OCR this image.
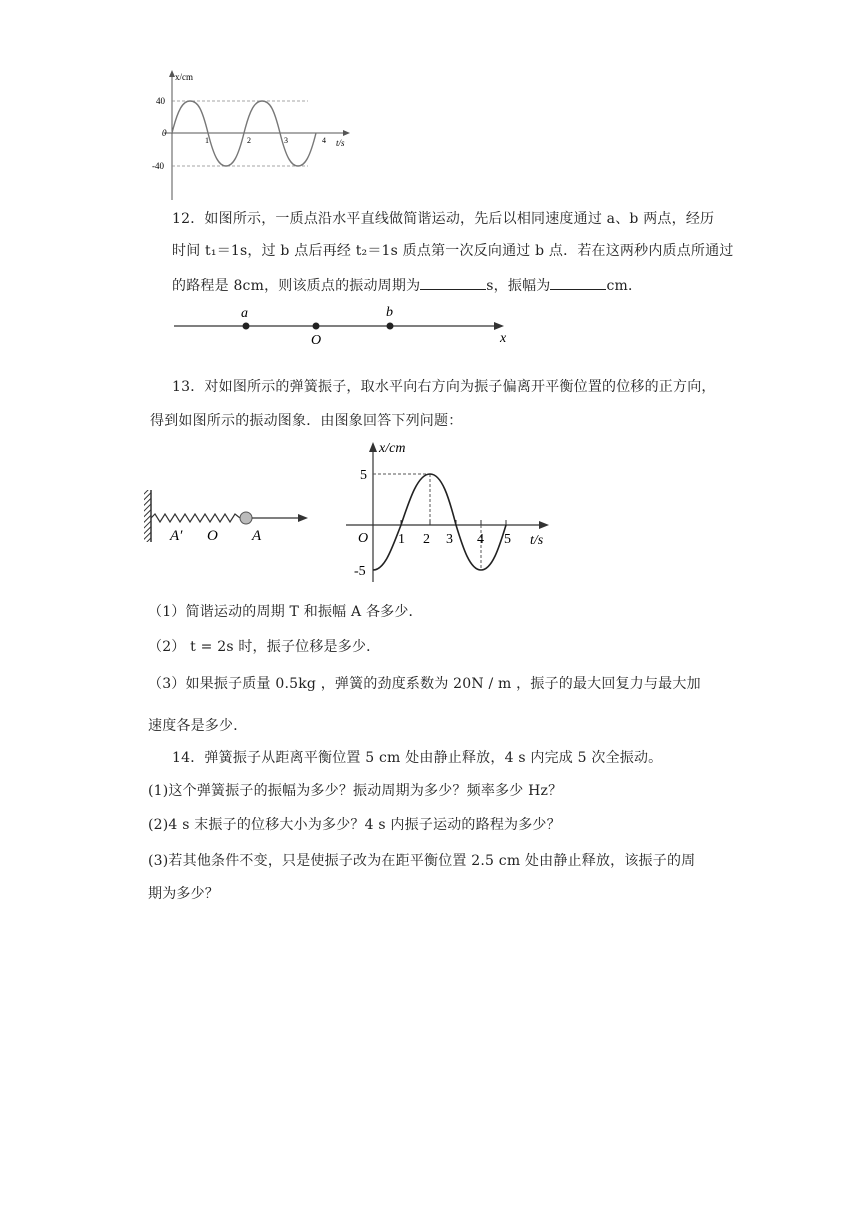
x/cm
t/s
40
0
-40
1	2	3	4
12．如图所示，一质点沿水平直线做简谐运动，先后以相同速度通过 a、b 两点，经历
时间 t₁＝1s，过 b 点后再经 t₂＝1s 质点第一次反向通过 b 点．若在这两秒内质点所通过
的路程是 8cm，则该质点的振动周期为	s，振幅为	cm．
a
O
b
x
13．对如图所示的弹簧振子，取水平向右方向为振子偏离开平衡位置的位移的正方向，
得到如图所示的振动图象．由图象回答下列问题：
A′ O A
x/cm
t/s
O
5
-5
1 2 3 4 5
（1）简谐运动的周期 T 和振幅 A 各多少．
（2） t = 2s 时，振子位移是多少．
（3）如果振子质量 0.5kg ，弹簧的劲度系数为 20N / m ，振子的最大回复力与最大加
速度各是多少．
14．弹簧振子从距离平衡位置 5 cm 处由静止释放，4 s 内完成 5 次全振动。
(1)这个弹簧振子的振幅为多少？振动周期为多少？频率多少 Hz？
(2)4 s 末振子的位移大小为多少？4 s 内振子运动的路程为多少？
(3)若其他条件不变，只是使振子改为在距平衡位置 2.5 cm 处由静止释放，该振子的周
期为多少？
